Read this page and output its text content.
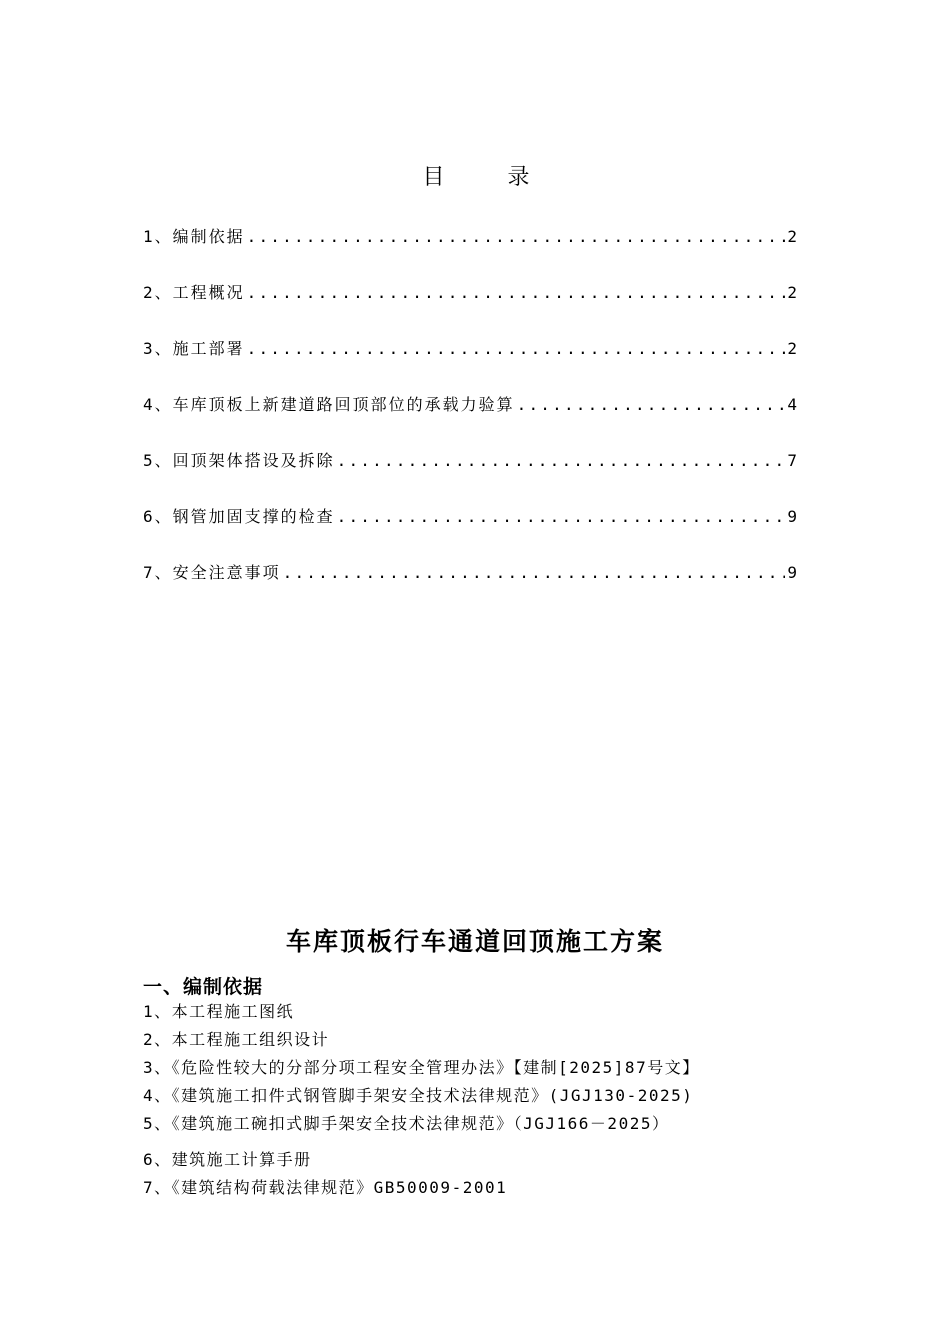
目 录
1、编制依据 .....	2
2、工程概况 .....	2
3、施工部署 .....	2
4、车库顶板上新建道路回顶部位的承载力验算 .....	4
5、回顶架体搭设及拆除 .....	7
6、钢管加固支撑的检查 .....	9
7、安全注意事项 .....	9
车库顶板行车通道回顶施工方案
一、编制依据
1、本工程施工图纸
2、本工程施工组织设计
3、《危险性较大的分部分项工程安全管理办法》【建制[2025]87号文】
4、《建筑施工扣件式钢管脚手架安全技术法律规范》(JGJ130-2025)
5、《建筑施工碗扣式脚手架安全技术法律规范》（JGJ166－2025）
6、建筑施工计算手册
7、《建筑结构荷载法律规范》GB50009-2001
